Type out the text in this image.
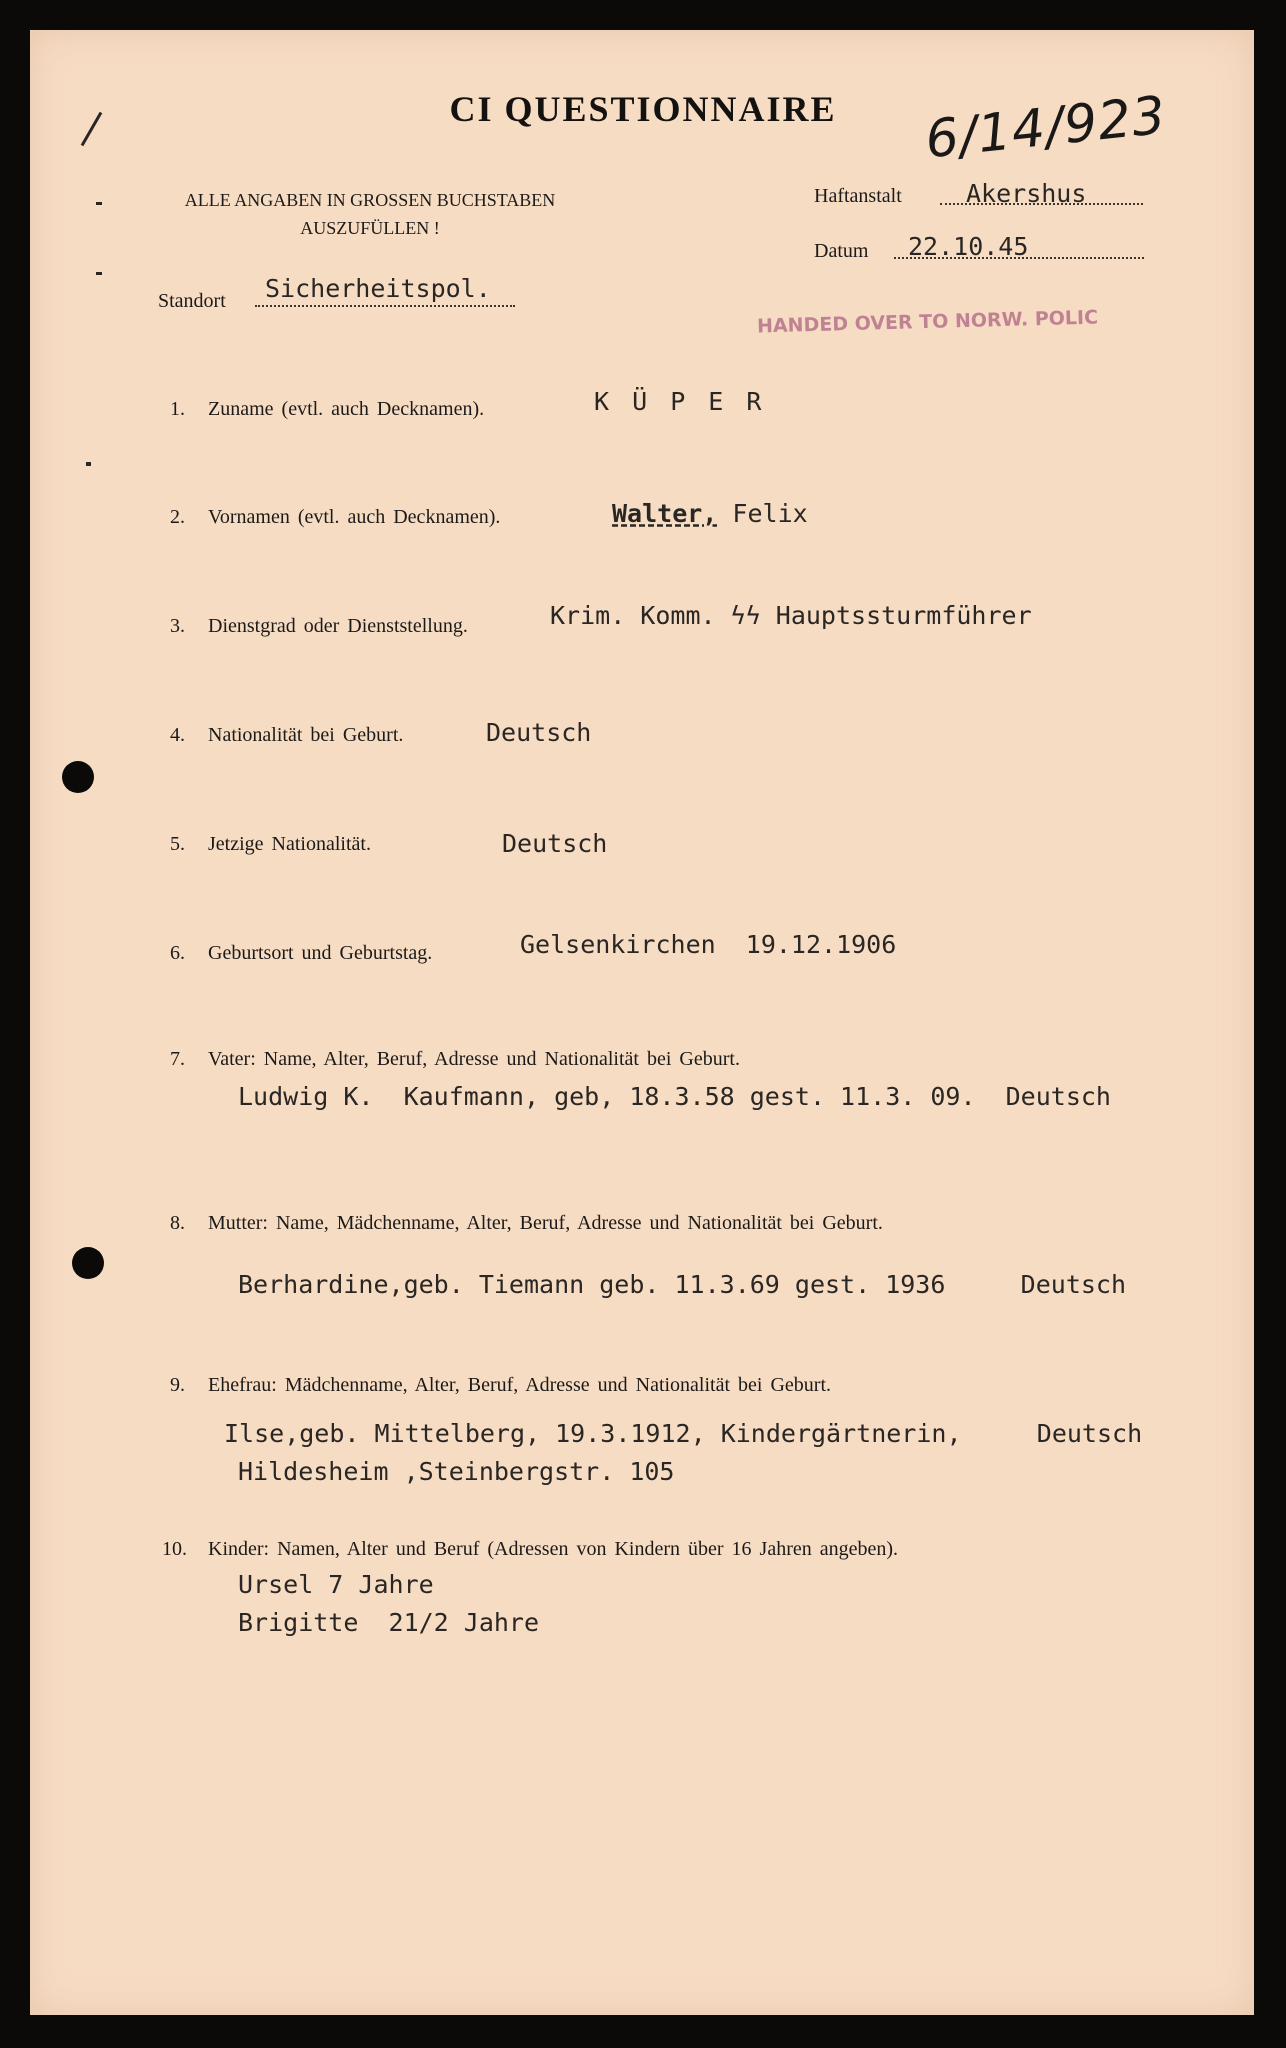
CI QUESTIONNAIRE	6/14/923
ALLE ANGABEN IN GROSSEN BUCHSTABEN
AUSZUFÜLLEN !
Haftanstalt	Akershus
Datum 22.10.45
Standort Sicherheitspol.
HANDED OVER TO NORW. POLIC
1. Zuname (evtl. auch Decknamen).	K Ü P E R
2. Vornamen (evtl. auch Decknamen).	Walter, Felix
3. Dienstgrad oder Dienststellung.	Krim. Komm. ϟϟ Hauptssturmführer
4. Nationalität bei Geburt.	Deutsch
5. Jetzige Nationalität.	Deutsch
6. Geburtsort und Geburtstag.	Gelsenkirchen  19.12.1906
7. Vater: Name, Alter, Beruf, Adresse und Nationalität bei Geburt.
Ludwig K.  Kaufmann, geb, 18.3.58 gest. 11.3. 09.  Deutsch
8. Mutter: Name, Mädchenname, Alter, Beruf, Adresse und Nationalität bei Geburt.
Berhardine,geb. Tiemann geb. 11.3.69 gest. 1936     Deutsch
9. Ehefrau: Mädchenname, Alter, Beruf, Adresse und Nationalität bei Geburt.
Ilse,geb. Mittelberg, 19.3.1912, Kindergärtnerin,     Deutsch
Hildesheim ,Steinbergstr. 105
10. Kinder: Namen, Alter und Beruf (Adressen von Kindern über 16 Jahren angeben).
Ursel 7 Jahre
Brigitte  21/2 Jahre
